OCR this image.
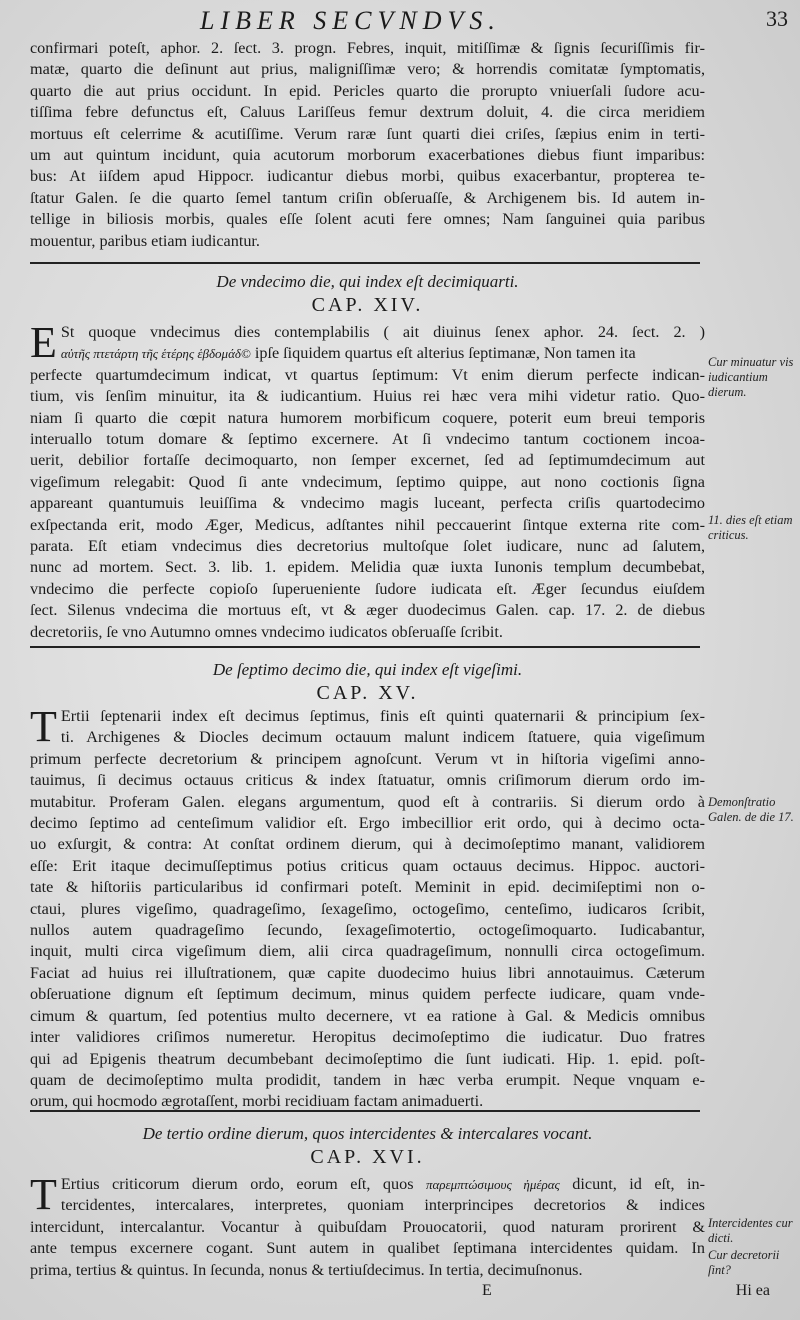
LIBER SECVNDVS.	33
confirmari poteſt, aphor. 2. ſect. 3. progn. Febres, inquit, mitiſſimæ & ſignis ſecuriſſimis fir-
matæ, quarto die deſinunt aut prius, maligniſſimæ vero; & horrendis comitatæ ſymptomatis,
quarto die aut prius occidunt. In epid. Pericles quarto die prorupto vniuerſali ſudore acu-
tiſſima febre defunctus eſt, Caluus Lariſſeus femur dextrum doluit, 4. die circa meridiem
mortuus eſt celerrime & acutiſſime. Verum raræ ſunt quarti diei criſes, ſæpius enim in terti-
um aut quintum incidunt, quia acutorum morborum exacerbationes diebus fiunt imparibus:
bus: At iiſdem apud Hippocr. iudicantur diebus morbi, quibus exacerbantur, propterea te-
ſtatur Galen. ſe die quarto ſemel tantum criſin obſeruaſſe, & Archigenem bis. Id autem in-
tellige in biliosis morbis, quales eſſe ſolent acuti fere omnes; Nam ſanguinei quia paribus
mouentur, paribus etiam iudicantur.
De vndecimo die, qui index eſt decimiquarti.
CAP. XIV.
E St quoque vndecimus dies contemplabilis ( ait diuinus ſenex aphor. 24. ſect. 2. )
αὐτῆς πτετάρτη τῆς ἑτέρης ἑβδομάδ© ipſe ſiquidem quartus eſt alterius ſeptimanæ, Non tamen ita
perfecte quartumdecimum indicat, vt quartus ſeptimum: Vt enim dierum perfecte indican-
tium, vis ſenſim minuitur, ita & iudicantium. Huius rei hæc vera mihi videtur ratio. Quo-
niam ſi quarto die cœpit natura humorem morbificum coquere, poterit eum breui temporis
interuallo totum domare & ſeptimo excernere. At ſi vndecimo tantum coctionem incoa-
uerit, debilior fortaſſe decimoquarto, non ſemper excernet, ſed ad ſeptimumdecimum aut
vigeſimum relegabit: Quod ſi ante vndecimum, ſeptimo quippe, aut nono coctionis ſigna
appareant quantumuis leuiſſima & vndecimo magis luceant, perfecta criſis quartodecimo
exſpectanda erit, modo Æger, Medicus, adſtantes nihil peccauerint ſintque externa rite com-
parata. Eſt etiam vndecimus dies decretorius multoſque ſolet iudicare, nunc ad ſalutem,
nunc ad mortem. Sect. 3. lib. 1. epidem. Melidia quæ iuxta Iunonis templum decumbebat,
vndecimo die perfecte copioſo ſuperueniente ſudore iudicata eſt. Æger ſecundus eiuſdem
ſect. Silenus vndecima die mortuus eſt, vt & æger duodecimus Galen. cap. 17. 2. de diebus
decretoriis, ſe vno Autumno omnes vndecimo iudicatos obſeruaſſe ſcribit.
De ſeptimo decimo die, qui index eſt vigeſimi.
CAP. XV.
T Ertii ſeptenarii index eſt decimus ſeptimus, finis eſt quinti quaternarii & principium ſex-
ti. Archigenes & Diocles decimum octauum malunt indicem ſtatuere, quia vigeſimum
primum perfecte decretorium & principem agnoſcunt. Verum vt in hiſtoria vigeſimi anno-
tauimus, ſi decimus octauus criticus & index ſtatuatur, omnis criſimorum dierum ordo im-
mutabitur. Proferam Galen. elegans argumentum, quod eſt à contrariis. Si dierum ordo à
decimo ſeptimo ad centeſimum validior eſt. Ergo imbecillior erit ordo, qui à decimo octa-
uo exſurgit, & contra: At conſtat ordinem dierum, qui à decimoſeptimo manant, validiorem
eſſe: Erit itaque decimuſſeptimus potius criticus quam octauus decimus. Hippoc. auctori-
tate & hiſtoriis particularibus id confirmari poteſt. Meminit in epid. decimiſeptimi non o-
ctaui, plures vigeſimo, quadrageſimo, ſexageſimo, octogeſimo, centeſimo, iudicaros ſcribit,
nullos autem quadrageſimo ſecundo, ſexageſimotertio, octogeſimoquarto. Iudicabantur,
inquit, multi circa vigeſimum diem, alii circa quadrageſimum, nonnulli circa octogeſimum.
Faciat ad huius rei illuſtrationem, quæ capite duodecimo huius libri annotauimus. Cæterum
obſeruatione dignum eſt ſeptimum decimum, minus quidem perfecte iudicare, quam vnde-
cimum & quartum, ſed potentius multo decernere, vt ea ratione à Gal. & Medicis omnibus
inter validiores criſimos numeretur. Heropitus decimoſeptimo die iudicatur. Duo fratres
qui ad Epigenis theatrum decumbebant decimoſeptimo die ſunt iudicati. Hip. 1. epid. poſt-
quam de decimoſeptimo multa prodidit, tandem in hæc verba erumpit. Neque vnquam e-
orum, qui hocmodo ægrotaſſent, morbi recidiuam factam animaduerti.
De tertio ordine dierum, quos intercidentes & intercalares vocant.
CAP. XVI.
T Ertius criticorum dierum ordo, eorum eſt, quos παρεμπτώσιμους ἡμέρας dicunt, id eſt, in-
tercidentes, intercalares, interpretes, quoniam interprincipes decretorios & indices
intercidunt, intercalantur. Vocantur à quibuſdam Prouocatorii, quod naturam prorirent &
ante tempus excernere cogant. Sunt autem in qualibet ſeptimana intercidentes quidam. In
prima, tertius & quintus. In ſecunda, nonus & tertiuſdecimus. In tertia, decimuſnonus.
Cur minuatur vis iudicantium dierum.
11. dies eſt etiam criticus.
Demonſtratio Galen. de die 17.
Intercidentes cur dicti.
Cur decretorii ſint?
E	Hi ea
